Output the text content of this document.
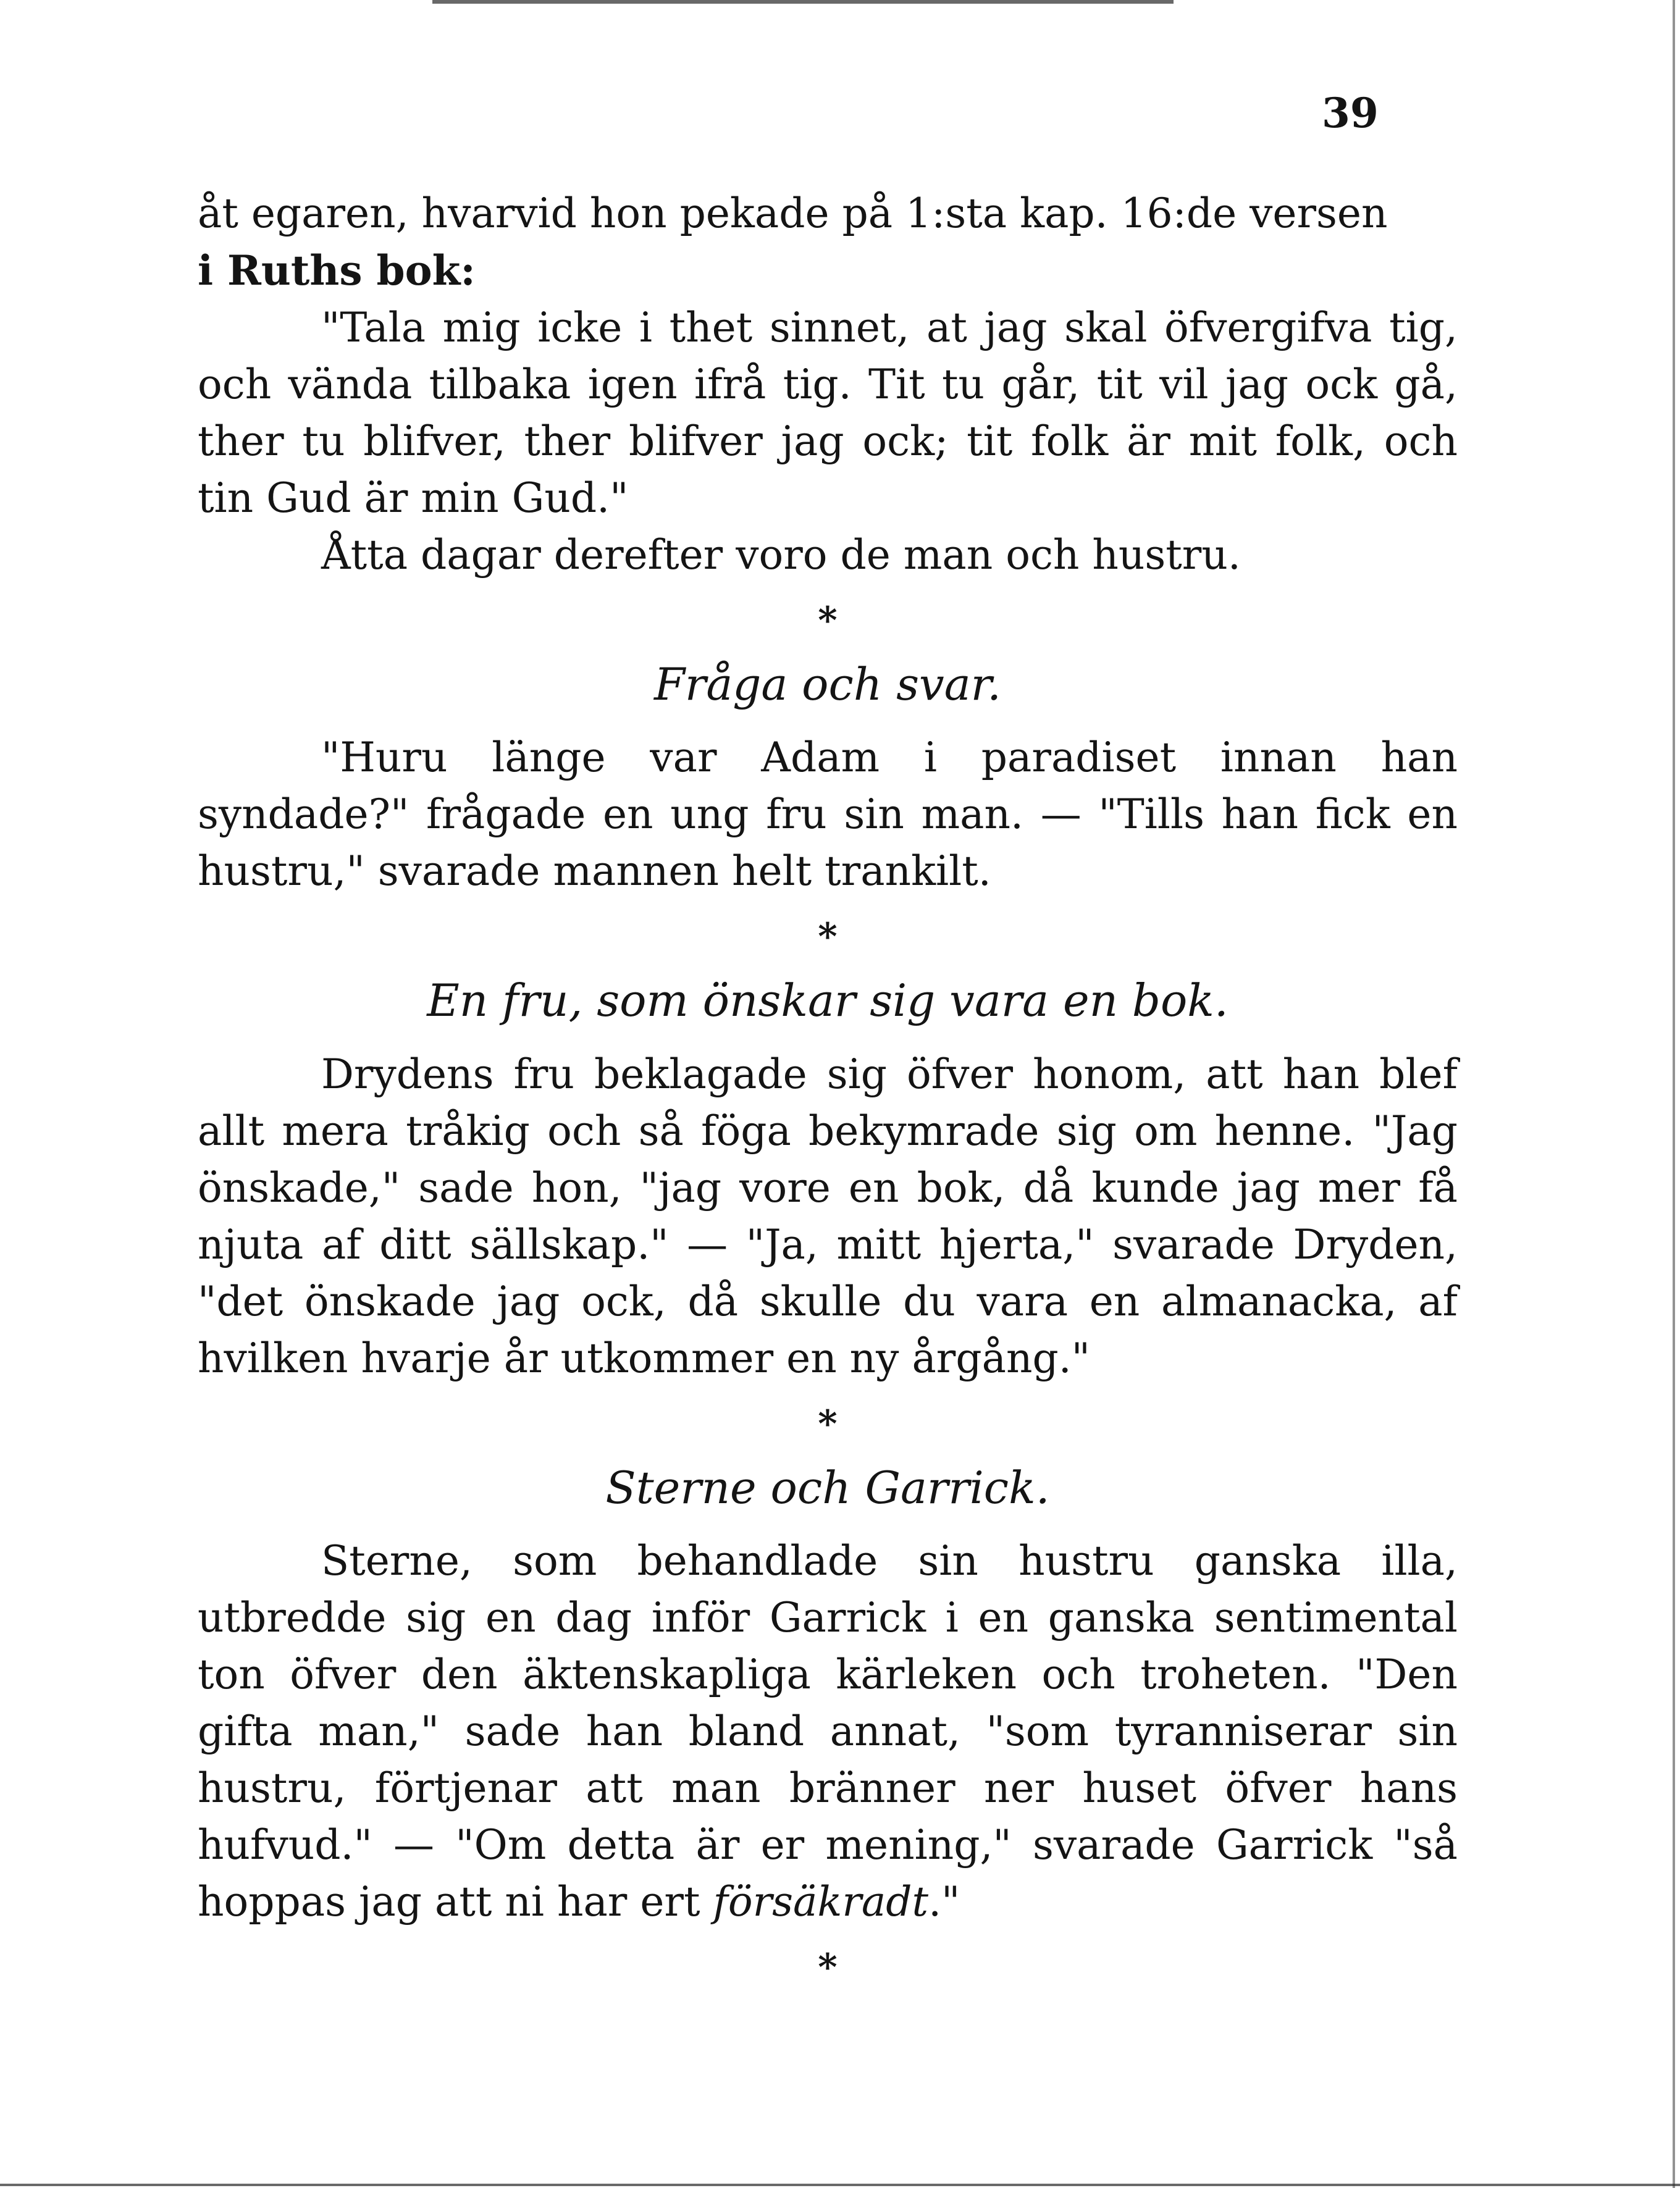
39

åt egaren, hvarvid hon pekade på 1:sta kap. 16:de versen
i Ruths bok:

"Tala mig icke i thet sinnet, at jag skal öfvergifva tig, och vända tilbaka igen ifrå tig. Tit tu går, tit vil jag ock gå, ther tu blifver, ther blifver jag ock; tit folk är mit folk, och tin Gud är min Gud."

Åtta dagar derefter voro de man och hustru.

*
Fråga och svar.

"Huru länge var Adam i paradiset innan han syndade?" frågade en ung fru sin man. — "Tills han fick en hustru," svarade mannen helt trankilt.

*
En fru, som önskar sig vara en bok.

Drydens fru beklagade sig öfver honom, att han blef allt mera tråkig och så föga bekymrade sig om henne. "Jag önskade," sade hon, "jag vore en bok, då kunde jag mer få njuta af ditt sällskap." — "Ja, mitt hjerta," svarade Dryden, "det önskade jag ock, då skulle du vara en almanacka, af hvilken hvarje år utkommer en ny årgång."

*
Sterne och Garrick.

Sterne, som behandlade sin hustru ganska illa, utbredde sig en dag inför Garrick i en ganska sentimental ton öfver den äktenskapliga kärleken och troheten. "Den gifta man," sade han bland annat, "som tyranniserar sin hustru, förtjenar att man bränner ner huset öfver hans hufvud." — "Om detta är er mening," svarade Garrick "så hoppas jag att ni har ert försäkradt."

*
